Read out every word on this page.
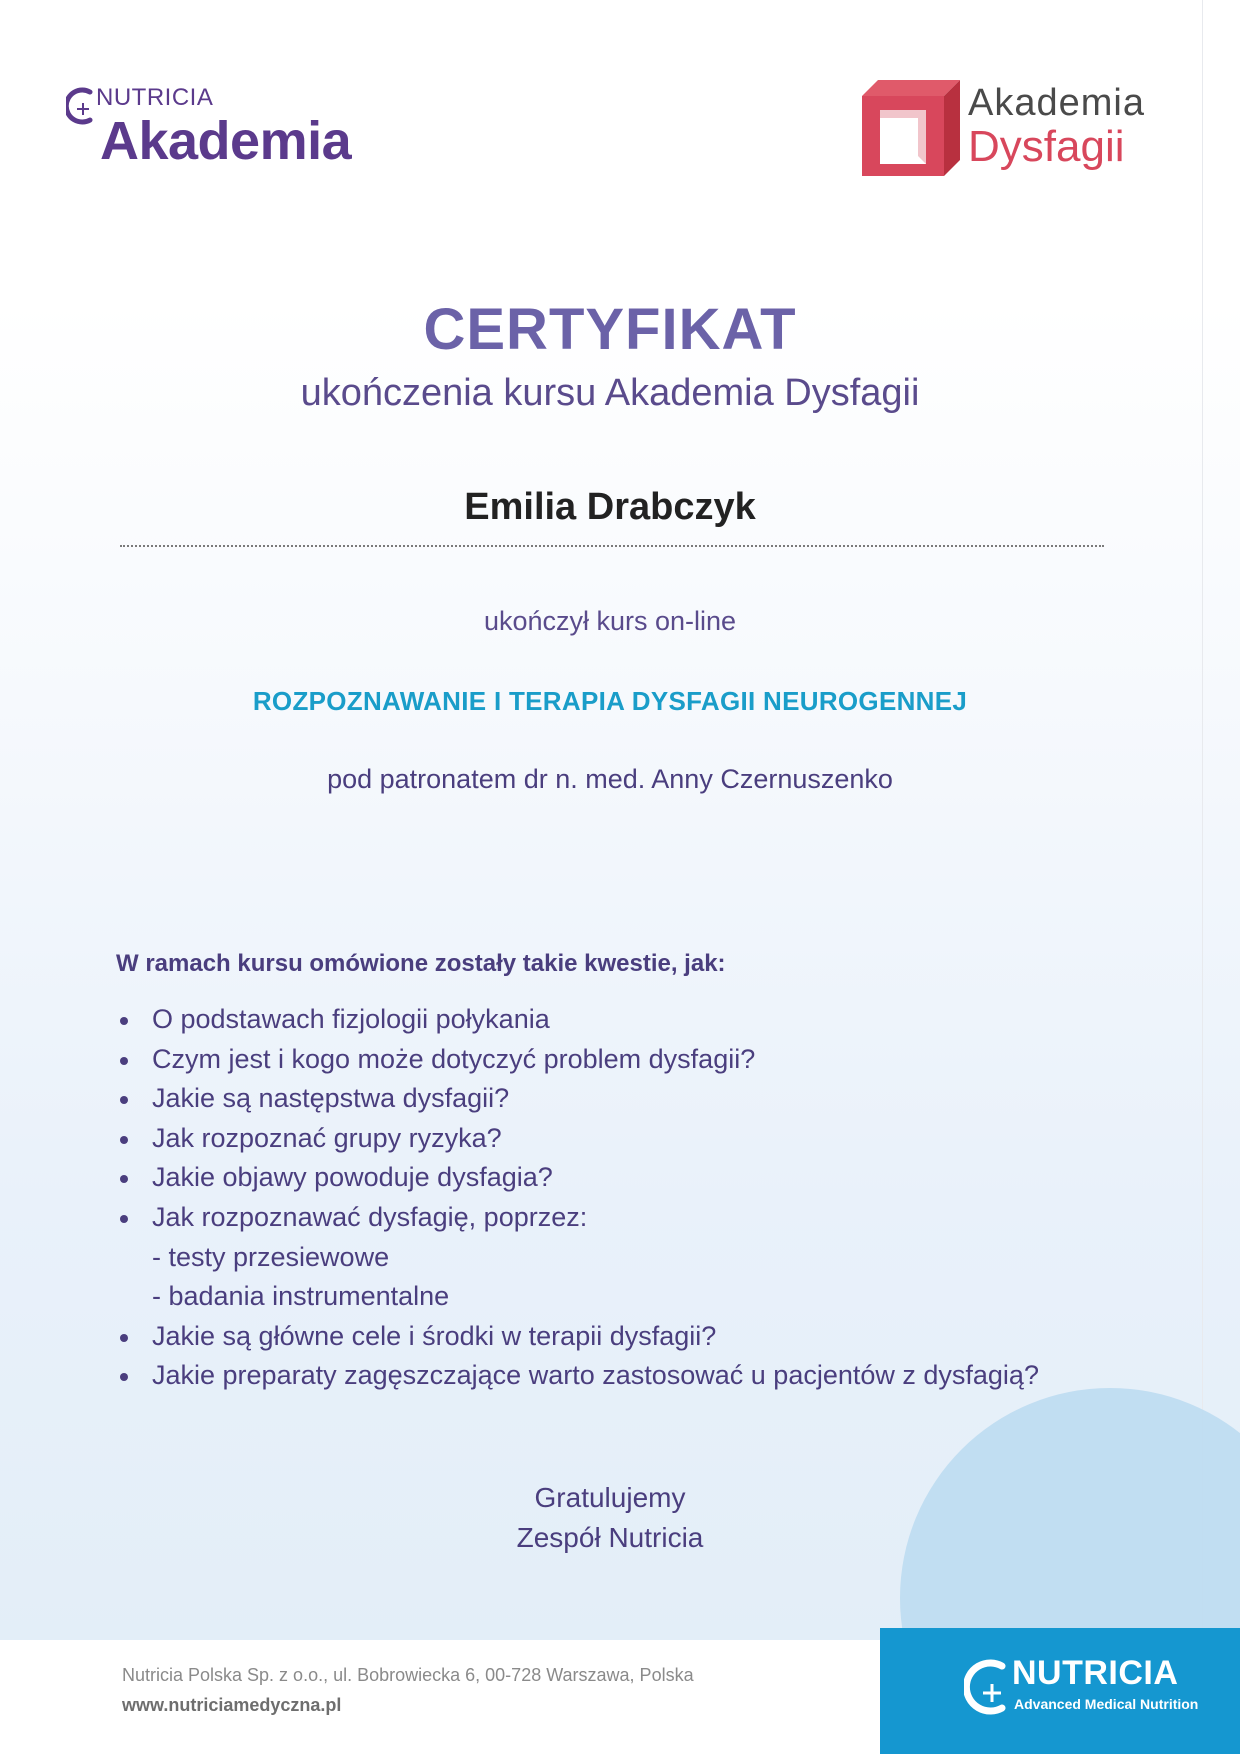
NUTRICIA
Akademia
Akademia
Dysfagii
CERTYFIKAT
ukończenia kursu Akademia Dysfagii
Emilia Drabczyk
ukończył kurs on-line
ROZPOZNAWANIE I TERAPIA DYSFAGII NEUROGENNEJ
pod patronatem dr n. med. Anny Czernuszenko
W ramach kursu omówione zostały takie kwestie, jak:
O podstawach fizjologii połykania
Czym jest i kogo może dotyczyć problem dysfagii?
Jakie są następstwa dysfagii?
Jak rozpoznać grupy ryzyka?
Jakie objawy powoduje dysfagia?
Jak rozpoznawać dysfagię, poprzez:
- testy przesiewowe
- badania instrumentalne
Jakie są główne cele i środki w terapii dysfagii?
Jakie preparaty zagęszczające warto zastosować u pacjentów z dysfagią?
Gratulujemy
Zespół Nutricia
Nutricia Polska Sp. z o.o., ul. Bobrowiecka 6, 00-728 Warszawa, Polska
www.nutriciamedyczna.pl
NUTRICIA
Advanced Medical Nutrition
